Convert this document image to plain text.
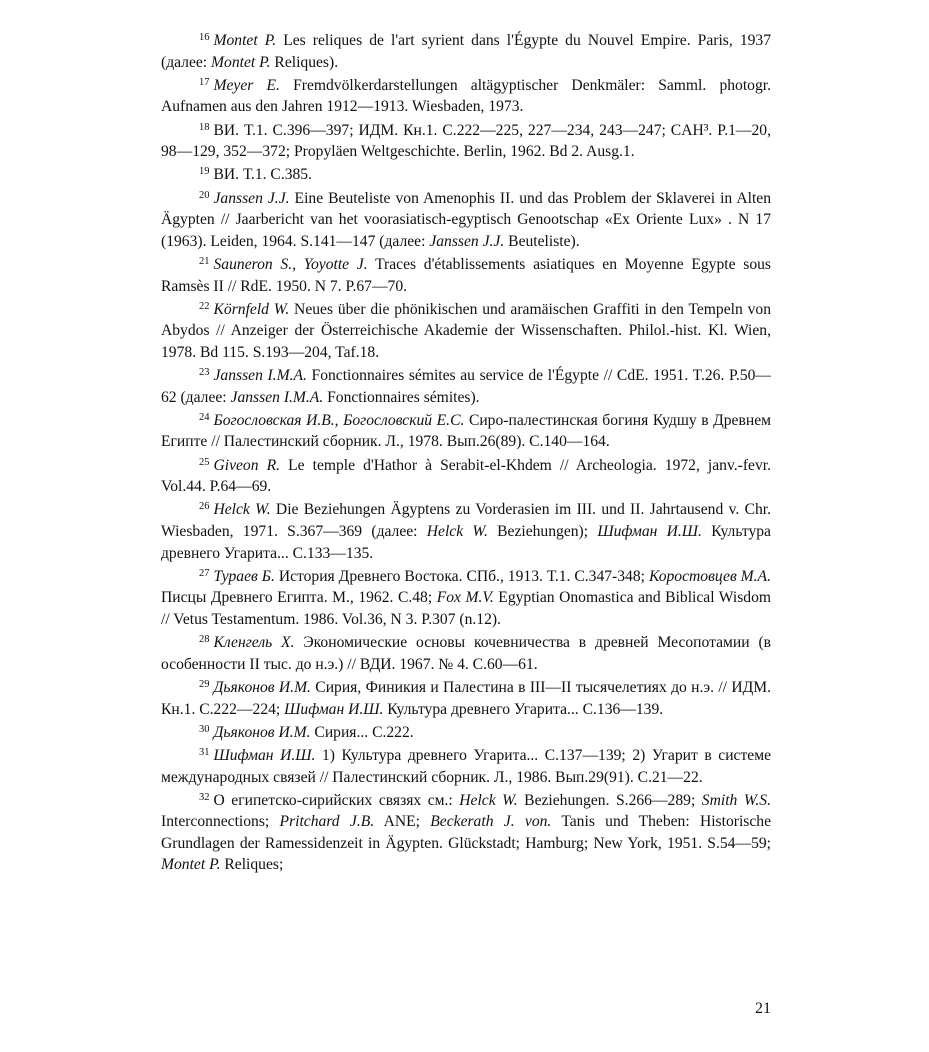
$^{16}$ Montet P. Les reliques de l'art syrient dans l'Égypte du Nouvel Empire. Paris, 1937 (далее: Montet P. Reliques).

$^{17}$ Meyer E. Fremdvölkerdarstellungen altägyptischer Denkmäler: Samml. photogr. Aufnamen aus den Jahren 1912—1913. Wiesbaden, 1973.

$^{18}$ ВИ. Т.1. С.396—397; ИДМ. Кн.1. С.222—225, 227—234, 243—247; CAH³. P.1—20, 98—129, 352—372; Propyläen Weltgeschichte. Berlin, 1962. Bd 2. Ausg.1.

$^{19}$ ВИ. Т.1. С.385.

$^{20}$ Janssen J.J. Eine Beuteliste von Amenophis II. und das Problem der Sklaverei in Alten Ägypten // Jaarbericht van het voorasiatisch-egyptisch Genootschap «Ex Oriente Lux» . N 17 (1963). Leiden, 1964. S.141—147 (далее: Janssen J.J. Beuteliste).

$^{21}$ Sauneron S., Yoyotte J. Traces d'établissements asiatiques en Moyenne Egypte sous Ramsès II // RdE. 1950. N 7. P.67—70.

$^{22}$ Körnfeld W. Neues über die phönikischen und aramäischen Graffiti in den Tempeln von Abydos // Anzeiger der Österreichische Akademie der Wissenschaften. Philol.-hist. Kl. Wien, 1978. Bd 115. S.193—204, Taf.18.

$^{23}$ Janssen I.M.A. Fonctionnaires sémites au service de l'Égypte // CdE. 1951. T.26. P.50—62 (далее: Janssen I.M.A. Fonctionnaires sémites).

$^{24}$ Богословская И.В., Богословский Е.С. Сиро-палестинская богиня Кудшу в Древнем Египте // Палестинский сборник. Л., 1978. Вып.26(89). С.140—164.

$^{25}$ Giveon R. Le temple d'Hathor à Serabit-el-Khdem // Archeologia. 1972, janv.-fevr. Vol.44. P.64—69.

$^{26}$ Helck W. Die Beziehungen Ägyptens zu Vorderasien im III. und II. Jahrtausend v. Chr. Wiesbaden, 1971. S.367—369 (далее: Helck W. Beziehungen); Шифман И.Ш. Культура древнего Угарита... С.133—135.

$^{27}$ Тураев Б. История Древнего Востока. СПб., 1913. Т.1. С.347-348; Коростовцев М.А. Писцы Древнего Египта. М., 1962. С.48; Fox M.V. Egyptian Onomastica and Biblical Wisdom // Vetus Testamentum. 1986. Vol.36, N 3. P.307 (n.12).

$^{28}$ Кленгель Х. Экономические основы кочевничества в древней Месопотамии (в особенности II тыс. до н.э.) // ВДИ. 1967. № 4. С.60—61.

$^{29}$ Дьяконов И.М. Сирия, Финикия и Палестина в III—II тысячелетиях до н.э. // ИДМ. Кн.1. С.222—224; Шифман И.Ш. Культура древнего Угарита... С.136—139.

$^{30}$ Дьяконов И.М. Сирия... С.222.

$^{31}$ Шифман И.Ш. 1) Культура древнего Угарита... С.137—139; 2) Угарит в системе международных связей // Палестинский сборник. Л., 1986. Вып.29(91). С.21—22.

$^{32}$ О египетско-сирийских связях см.: Helck W. Beziehungen. S.266—289; Smith W.S. Interconnections; Pritchard J.B. ANE; Beckerath J. von. Tanis und Theben: Historische Grundlagen der Ramessidenzeit in Ägypten. Glückstadt; Hamburg; New York, 1951. S.54—59; Montet P. Reliques;

21
